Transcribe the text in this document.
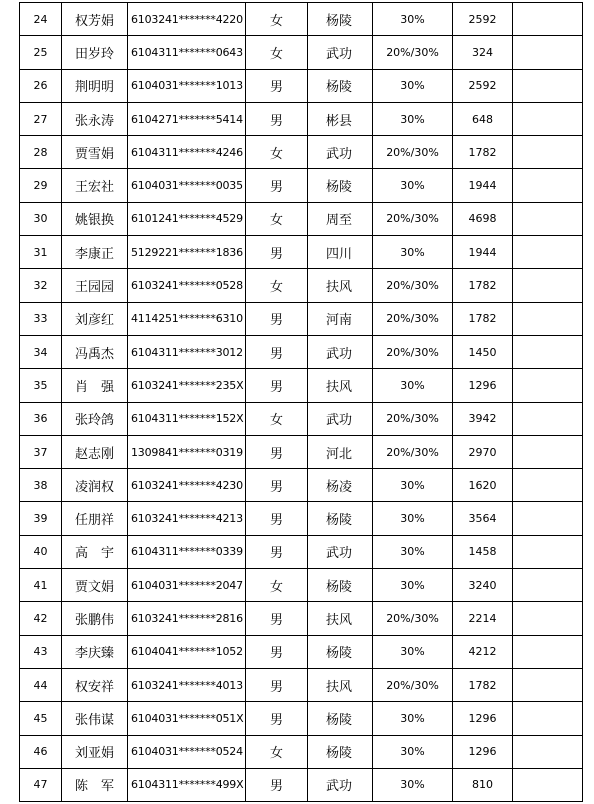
24	权芳娟	6103241*******4220	女	杨陵	30%	2592	
25	田岁玲	6104311*******0643	女	武功	20%/30%	324	
26	荆明明	6104031*******1013	男	杨陵	30%	2592	
27	张永涛	6104271*******5414	男	彬县	30%	648	
28	贾雪娟	6104311*******4246	女	武功	20%/30%	1782	
29	王宏社	6104031*******0035	男	杨陵	30%	1944	
30	姚银换	6101241*******4529	女	周至	20%/30%	4698	
31	李康正	5129221*******1836	男	四川	30%	1944	
32	王园园	6103241*******0528	女	扶风	20%/30%	1782	
33	刘彦红	4114251*******6310	男	河南	20%/30%	1782	
34	冯禹杰	6104311*******3012	男	武功	20%/30%	1450	
35	肖　强	6103241*******235X	男	扶风	30%	1296	
36	张玲鸽	6104311*******152X	女	武功	20%/30%	3942	
37	赵志刚	1309841*******0319	男	河北	20%/30%	2970	
38	凌润权	6103241*******4230	男	杨凌	30%	1620	
39	任朋祥	6103241*******4213	男	杨陵	30%	3564	
40	高　宇	6104311*******0339	男	武功	30%	1458	
41	贾文娟	6104031*******2047	女	杨陵	30%	3240	
42	张鹏伟	6103241*******2816	男	扶风	20%/30%	2214	
43	李庆臻	6104041*******1052	男	杨陵	30%	4212	
44	权安祥	6103241*******4013	男	扶风	20%/30%	1782	
45	张伟谋	6104031*******051X	男	杨陵	30%	1296	
46	刘亚娟	6104031*******0524	女	杨陵	30%	1296	
47	陈　军	6104311*******499X	男	武功	30%	810	
